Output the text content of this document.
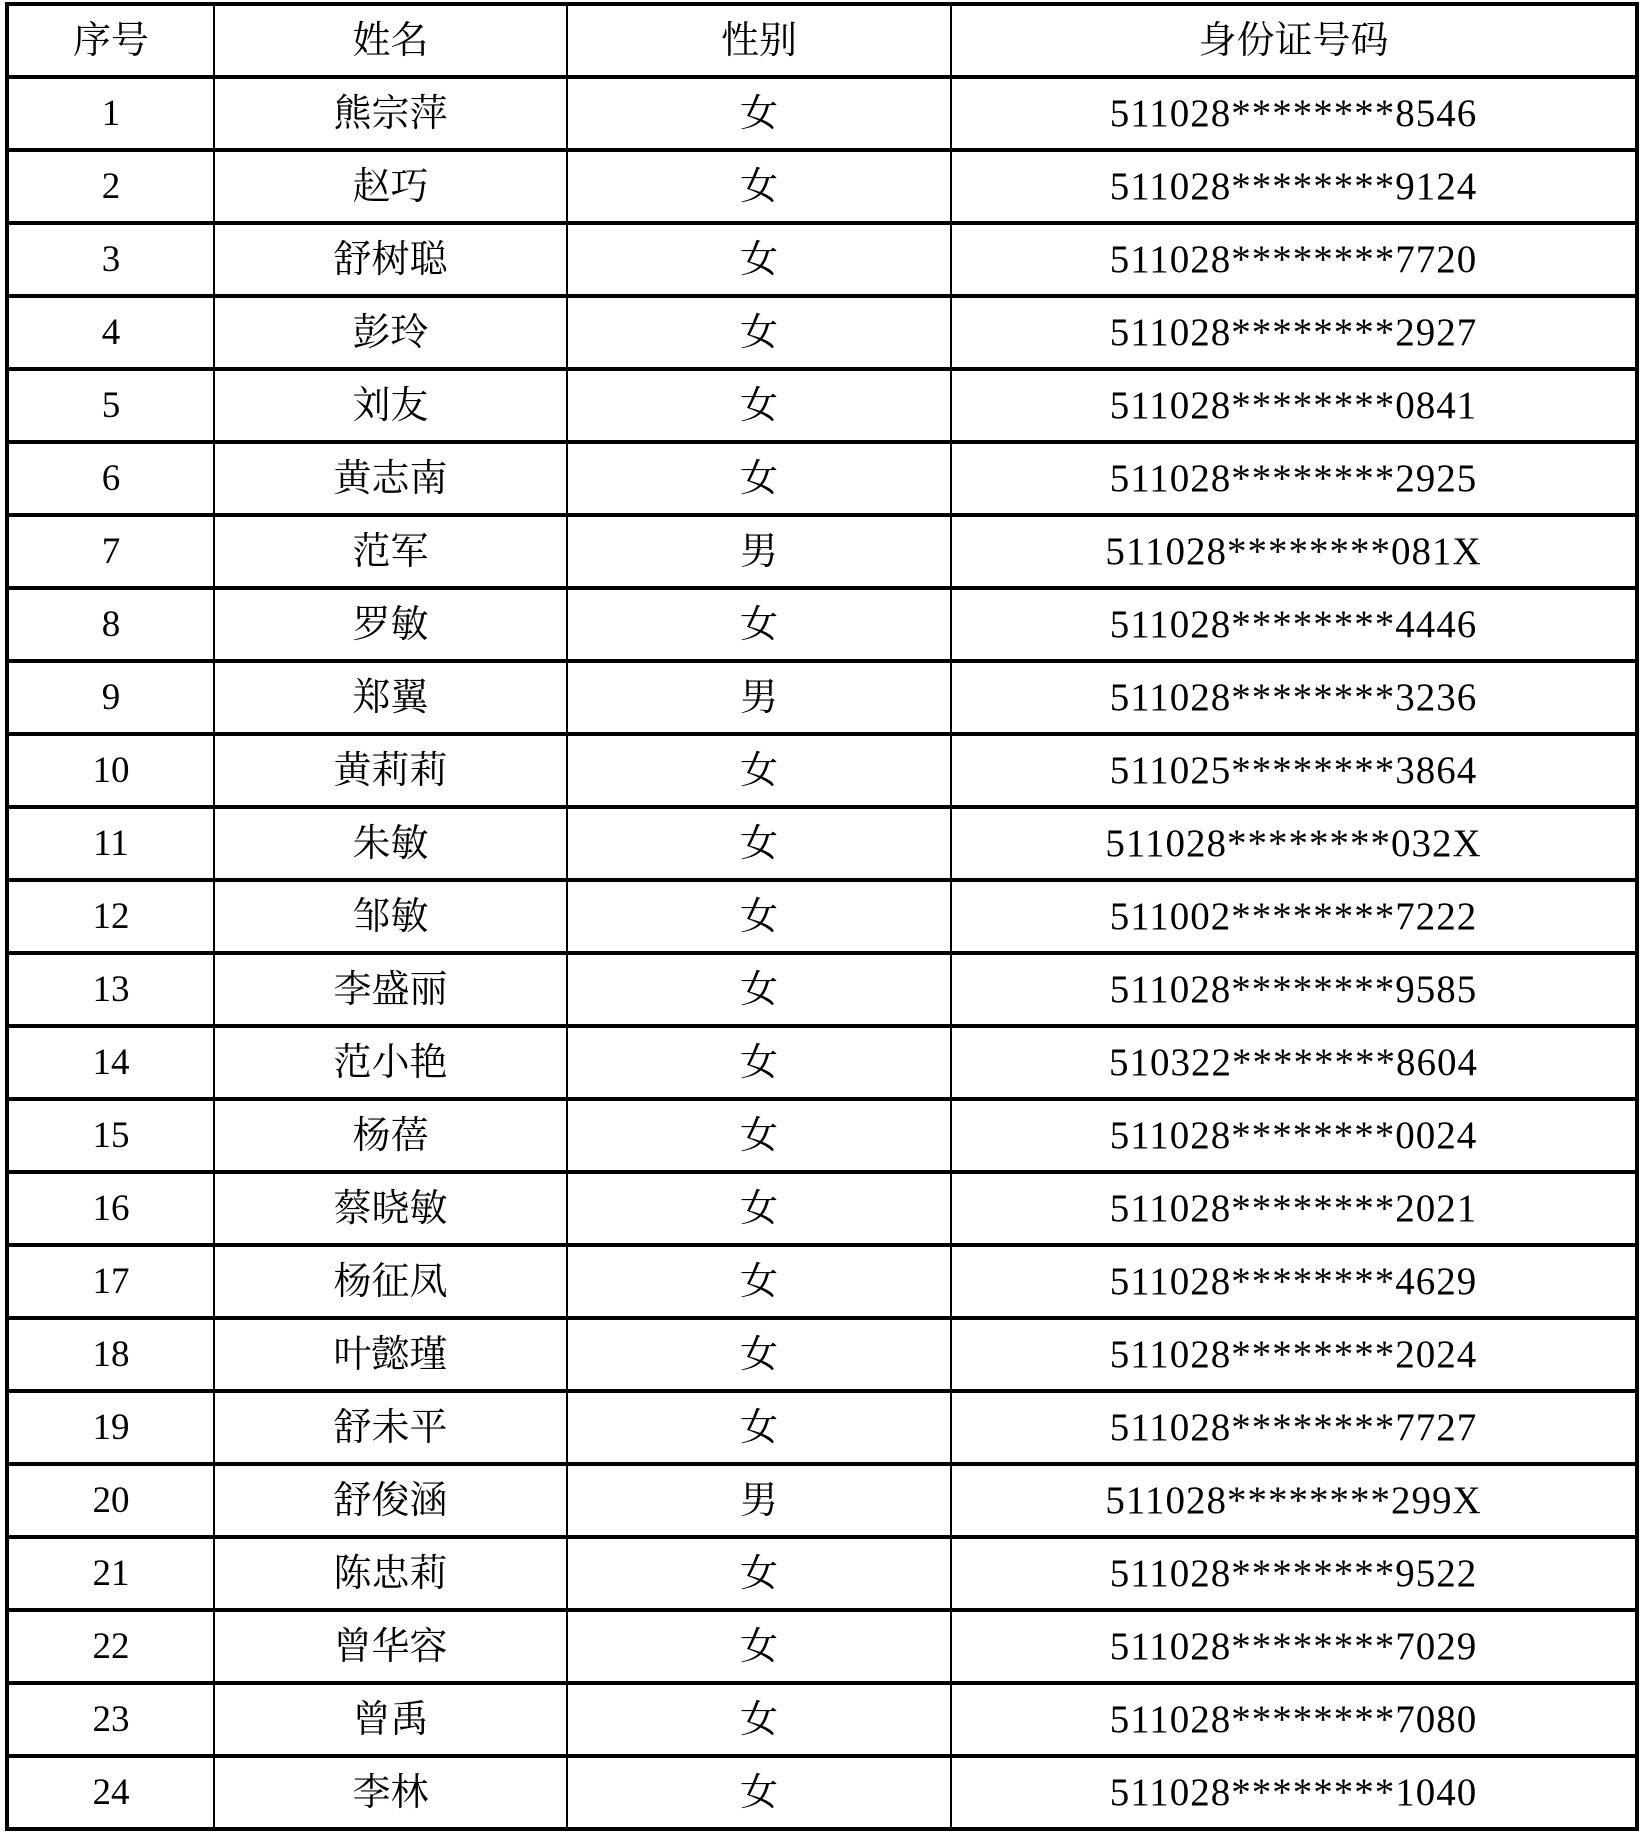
序号	姓名	性别	身份证号码
1	熊宗萍	女	511028********8546
2	赵巧	女	511028********9124
3	舒树聪	女	511028********7720
4	彭玲	女	511028********2927
5	刘友	女	511028********0841
6	黄志南	女	511028********2925
7	范军	男	511028********081X
8	罗敏	女	511028********4446
9	郑翼	男	511028********3236
10	黄莉莉	女	511025********3864
11	朱敏	女	511028********032X
12	邹敏	女	511002********7222
13	李盛丽	女	511028********9585
14	范小艳	女	510322********8604
15	杨蓓	女	511028********0024
16	蔡晓敏	女	511028********2021
17	杨征凤	女	511028********4629
18	叶懿瑾	女	511028********2024
19	舒未平	女	511028********7727
20	舒俊涵	男	511028********299X
21	陈忠莉	女	511028********9522
22	曾华容	女	511028********7029
23	曾禹	女	511028********7080
24	李林	女	511028********1040
